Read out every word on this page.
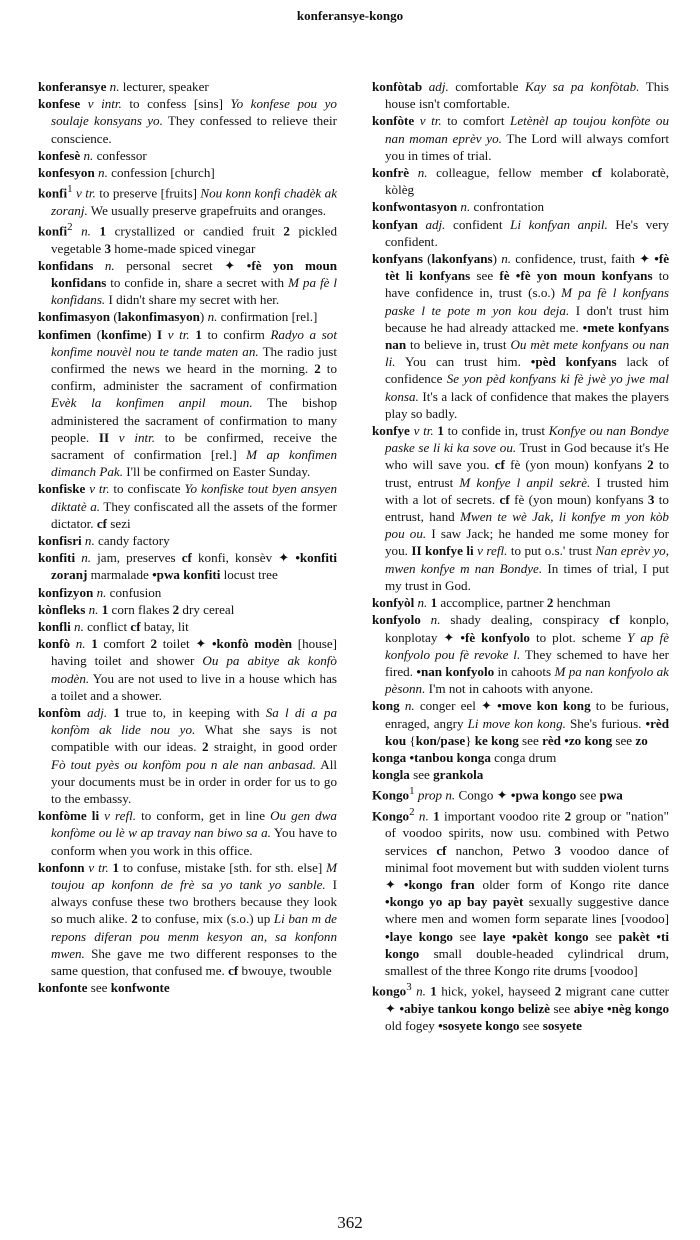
konferansye-kongo

konferansye n. lecturer, speaker

konfese v intr. to confess [sins] Yo konfese pou yo soulaje konsyans yo. They confessed to relieve their conscience.

konfesè n. confessor

konfesyon n. confession [church]

konfi$^1$ v tr. to preserve [fruits] Nou konn konfi chadèk ak zoranj. We usually preserve grapefruits and oranges.

konfi$^2$ n. 1 crystallized or candied fruit 2 pickled vegetable 3 home-made spiced vinegar

konfidans n. personal secret ✦ •fè yon moun konfidans to confide in, share a secret with M pa fè l konfidans. I didn't share my secret with her.

konfimasyon (lakonfimasyon) n. confirmation [rel.]

konfimen (konfime) I v tr. 1 to confirm Radyo a sot konfime nouvèl nou te tande maten an. The radio just confirmed the news we heard in the morning. 2 to confirm, administer the sacrament of confirmation Evèk la konfimen anpil moun. The bishop administered the sacrament of confirmation to many people. II v intr. to be confirmed, receive the sacrament of confirmation [rel.] M ap konfimen dimanch Pak. I'll be confirmed on Easter Sunday.

konfiske v tr. to confiscate Yo konfiske tout byen ansyen diktatè a. They confiscated all the assets of the former dictator. cf sezi

konfisri n. candy factory

konfiti n. jam, preserves cf konfi, konsèv ✦ •konfiti zoranj marmalade •pwa konfiti locust tree

konfizyon n. confusion

kònfleks n. 1 corn flakes 2 dry cereal

konfli n. conflict cf batay, lit

konfò n. 1 comfort 2 toilet ✦ •konfò modèn [house] having toilet and shower Ou pa abitye ak konfò modèn. You are not used to live in a house which has a toilet and a shower.

konfòm adj. 1 true to, in keeping with Sa l di a pa konfòm ak lide nou yo. What she says is not compatible with our ideas. 2 straight, in good order Fò tout pyès ou konfòm pou n ale nan anbasad. All your documents must be in order in order for us to go to the embassy.

konfòme li v refl. to conform, get in line Ou gen dwa konfòme ou lè w ap travay nan biwo sa a. You have to conform when you work in this office.

konfonn v tr. 1 to confuse, mistake [sth. for sth. else] M toujou ap konfonn de frè sa yo tank yo sanble. I always confuse these two brothers because they look so much alike. 2 to confuse, mix (s.o.) up Li ban m de repons diferan pou menm kesyon an, sa konfonn mwen. She gave me two different responses to the same question, that confused me. cf bwouye, twouble

konfonte see konfwonte

konfòtab adj. comfortable Kay sa pa konfòtab. This house isn't comfortable.

konfòte v tr. to comfort Letènèl ap toujou konfòte ou nan moman eprèv yo. The Lord will always comfort you in times of trial.

konfrè n. colleague, fellow member cf kolaboratè, kòlèg

konfwontasyon n. confrontation

konfyan adj. confident Li konfyan anpil. He's very confident.

konfyans (lakonfyans) n. confidence, trust, faith ✦ •fè tèt li konfyans see fè •fè yon moun konfyans to have confidence in, trust (s.o.) M pa fè l konfyans paske l te pote m yon kou deja. I don't trust him because he had already attacked me. •mete konfyans nan to believe in, trust Ou mèt mete konfyans ou nan li. You can trust him. •pèd konfyans lack of confidence Se yon pèd konfyans ki fè jwè yo jwe mal konsa. It's a lack of confidence that makes the players play so badly.

konfye v tr. 1 to confide in, trust Konfye ou nan Bondye paske se li ki ka sove ou. Trust in God because it's He who will save you. cf fè (yon moun) konfyans 2 to trust, entrust M konfye l anpil sekrè. I trusted him with a lot of secrets. cf fè (yon moun) konfyans 3 to entrust, hand Mwen te wè Jak, li konfye m yon kòb pou ou. I saw Jack; he handed me some money for you. II konfye li v refl. to put o.s.' trust Nan eprèv yo, mwen konfye m nan Bondye. In times of trial, I put my trust in God.

konfyòl n. 1 accomplice, partner 2 henchman

konfyolo n. shady dealing, conspiracy cf konplo, konplotay ✦ •fè konfyolo to plot. scheme Y ap fè konfyolo pou fè revoke l. They schemed to have her fired. •nan konfyolo in cahoots M pa nan konfyolo ak pèsonn. I'm not in cahoots with anyone.

kong n. conger eel ✦ •move kon kong to be furious, enraged, angry Li move kon kong. She's furious. •rèd kou {kon/pase} ke kong see rèd •zo kong see zo

konga •tanbou konga conga drum

kongla see grankola

Kongo$^1$ prop n. Congo ✦ •pwa kongo see pwa

Kongo$^2$ n. 1 important voodoo rite 2 group or "nation" of voodoo spirits, now usu. combined with Petwo services cf nanchon, Petwo 3 voodoo dance of minimal foot movement but with sudden violent turns ✦ •kongo fran older form of Kongo rite dance •kongo yo ap bay payèt sexually suggestive dance where men and women form separate lines [voodoo] •laye kongo see laye •pakèt kongo see pakèt •ti kongo small double-headed cylindrical drum, smallest of the three Kongo rite drums [voodoo]

kongo$^3$ n. 1 hick, yokel, hayseed 2 migrant cane cutter ✦ •abiye tankou kongo belizè see abiye •nèg kongo old fogey •sosyete kongo see sosyete

362
